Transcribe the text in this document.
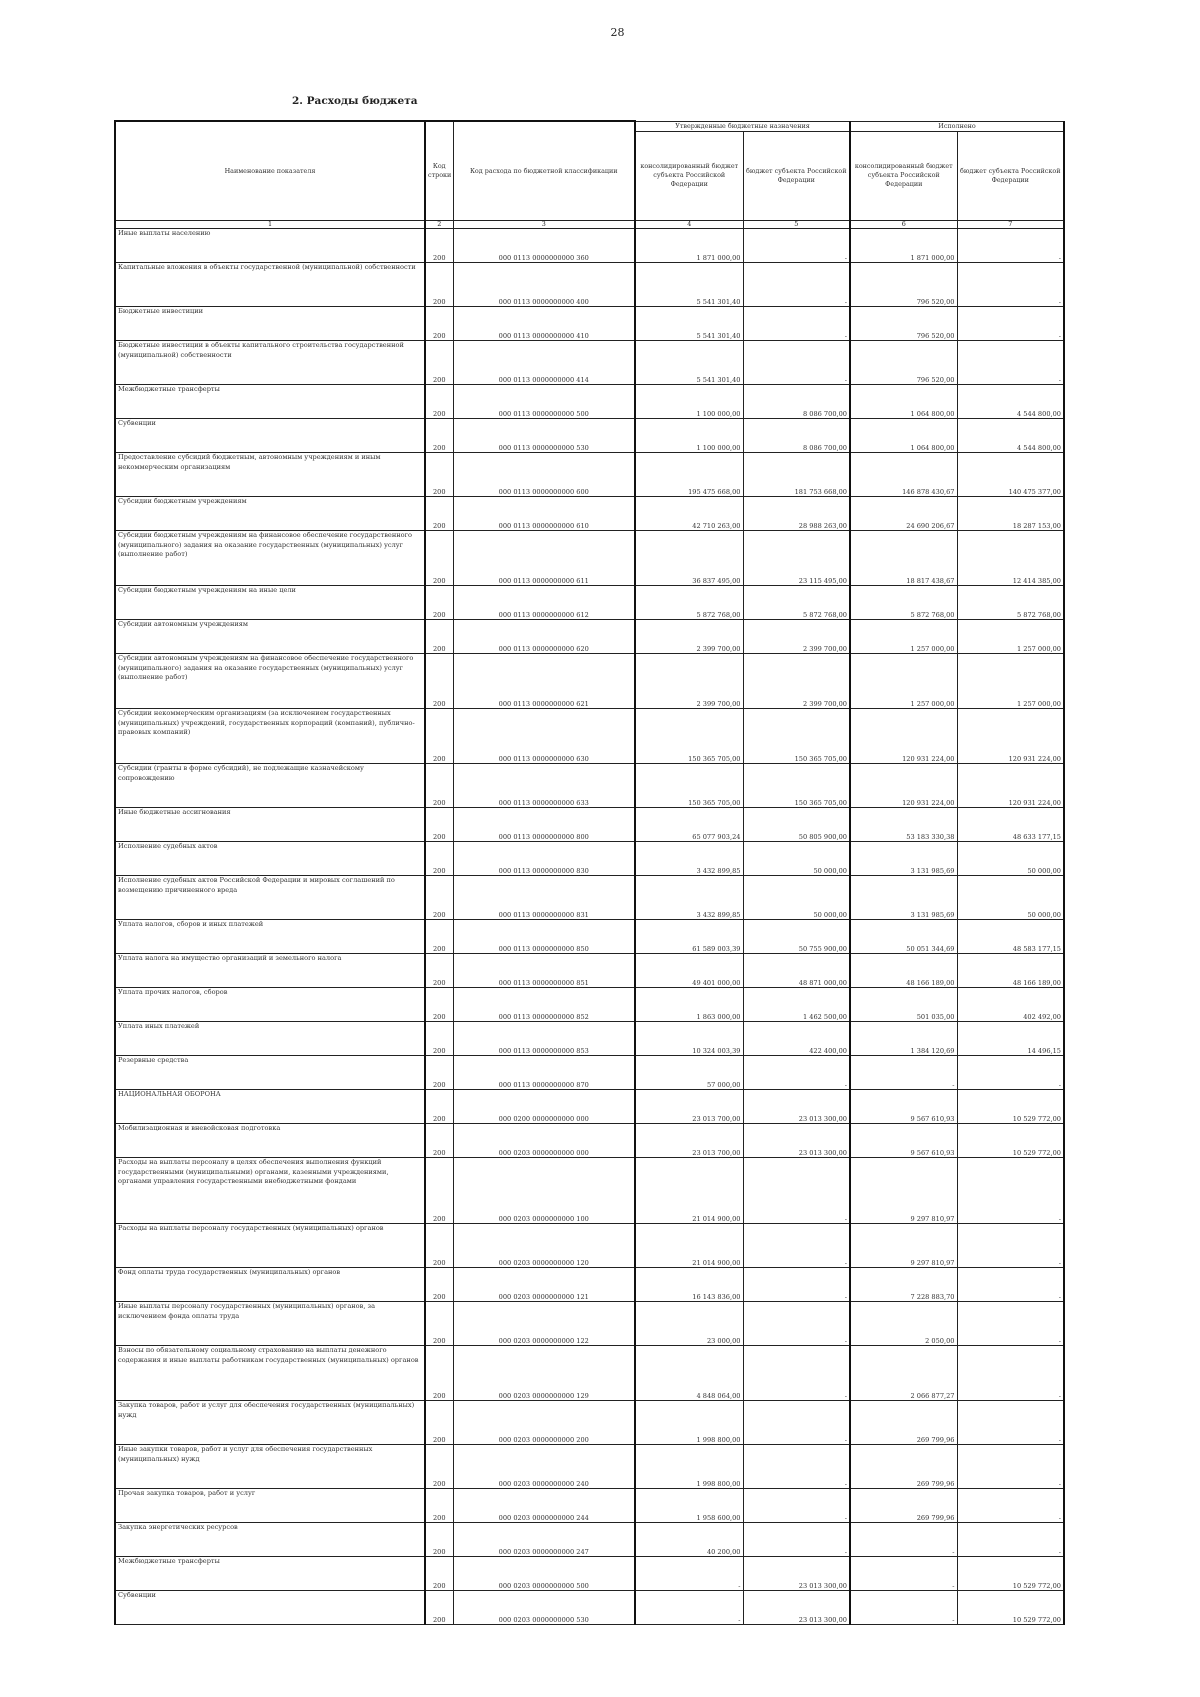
28
2. Расходы бюджета
Наименование показателя	Код строки	Код расхода по бюджетной классификации	Утвержденные бюджетные назначения		Исполнено	
			консолидированный бюджет субъекта Российской Федерации	бюджет субъекта Российской Федерации	консолидированный бюджет субъекта Российской Федерации	бюджет субъекта Российской Федерации
1	2	3	4	5	6	7
Иные выплаты населению	200	000 0113 0000000000 360	1 871 000,00	-	1 871 000,00	-
Капитальные вложения в объекты государственной (муниципальной) собственности	200	000 0113 0000000000 400	5 541 301,40	-	796 520,00	-
Бюджетные инвестиции	200	000 0113 0000000000 410	5 541 301,40	-	796 520,00	-
Бюджетные инвестиции в объекты капитального строительства государственной (муниципальной) собственности	200	000 0113 0000000000 414	5 541 301,40	-	796 520,00	-
Межбюджетные трансферты	200	000 0113 0000000000 500	1 100 000,00	8 086 700,00	1 064 800,00	4 544 800,00
Субвенции	200	000 0113 0000000000 530	1 100 000,00	8 086 700,00	1 064 800,00	4 544 800,00
Предоставление субсидий бюджетным, автономным учреждениям и иным некоммерческим организациям	200	000 0113 0000000000 600	195 475 668,00	181 753 668,00	146 878 430,67	140 475 377,00
Субсидии бюджетным учреждениям	200	000 0113 0000000000 610	42 710 263,00	28 988 263,00	24 690 206,67	18 287 153,00
Субсидии бюджетным учреждениям на финансовое обеспечение государственного (муниципального) задания на оказание государственных (муниципальных) услуг (выполнение работ)	200	000 0113 0000000000 611	36 837 495,00	23 115 495,00	18 817 438,67	12 414 385,00
Субсидии бюджетным учреждениям на иные цели	200	000 0113 0000000000 612	5 872 768,00	5 872 768,00	5 872 768,00	5 872 768,00
Субсидии автономным учреждениям	200	000 0113 0000000000 620	2 399 700,00	2 399 700,00	1 257 000,00	1 257 000,00
Субсидии автономным учреждениям на финансовое обеспечение государственного (муниципального) задания на оказание государственных (муниципальных) услуг (выполнение работ)	200	000 0113 0000000000 621	2 399 700,00	2 399 700,00	1 257 000,00	1 257 000,00
Субсидии некоммерческим организациям (за исключением государственных (муниципальных) учреждений, государственных корпораций (компаний), публично-правовых компаний)	200	000 0113 0000000000 630	150 365 705,00	150 365 705,00	120 931 224,00	120 931 224,00
Субсидии (гранты в форме субсидий), не подлежащие казначейскому сопровождению	200	000 0113 0000000000 633	150 365 705,00	150 365 705,00	120 931 224,00	120 931 224,00
Иные бюджетные ассигнования	200	000 0113 0000000000 800	65 077 903,24	50 805 900,00	53 183 330,38	48 633 177,15
Исполнение судебных актов	200	000 0113 0000000000 830	3 432 899,85	50 000,00	3 131 985,69	50 000,00
Исполнение судебных актов Российской Федерации и мировых соглашений по возмещению причиненного вреда	200	000 0113 0000000000 831	3 432 899,85	50 000,00	3 131 985,69	50 000,00
Уплата налогов, сборов и иных платежей	200	000 0113 0000000000 850	61 589 003,39	50 755 900,00	50 051 344,69	48 583 177,15
Уплата налога на имущество организаций и земельного налога	200	000 0113 0000000000 851	49 401 000,00	48 871 000,00	48 166 189,00	48 166 189,00
Уплата прочих налогов, сборов	200	000 0113 0000000000 852	1 863 000,00	1 462 500,00	501 035,00	402 492,00
Уплата иных платежей	200	000 0113 0000000000 853	10 324 003,39	422 400,00	1 384 120,69	14 496,15
Резервные средства	200	000 0113 0000000000 870	57 000,00	-	-	-
НАЦИОНАЛЬНАЯ ОБОРОНА	200	000 0200 0000000000 000	23 013 700,00	23 013 300,00	9 567 610,93	10 529 772,00
Мобилизационная и вневойсковая подготовка	200	000 0203 0000000000 000	23 013 700,00	23 013 300,00	9 567 610,93	10 529 772,00
Расходы на выплаты персоналу в целях обеспечения выполнения функций государственными (муниципальными) органами, казенными учреждениями, органами управления государственными внебюджетными фондами	200	000 0203 0000000000 100	21 014 900,00	-	9 297 810,97	-
Расходы на выплаты персоналу государственных (муниципальных) органов	200	000 0203 0000000000 120	21 014 900,00	-	9 297 810,97	-
Фонд оплаты труда государственных (муниципальных) органов	200	000 0203 0000000000 121	16 143 836,00	-	7 228 883,70	-
Иные выплаты персоналу государственных (муниципальных) органов, за исключением фонда оплаты труда	200	000 0203 0000000000 122	23 000,00	-	2 050,00	-
Взносы по обязательному социальному страхованию на выплаты денежного содержания и иные выплаты работникам государственных (муниципальных) органов	200	000 0203 0000000000 129	4 848 064,00	-	2 066 877,27	-
Закупка товаров, работ и услуг для обеспечения государственных (муниципальных) нужд	200	000 0203 0000000000 200	1 998 800,00	-	269 799,96	-
Иные закупки товаров, работ и услуг для обеспечения государственных (муниципальных) нужд	200	000 0203 0000000000 240	1 998 800,00	-	269 799,96	-
Прочая закупка товаров, работ и услуг	200	000 0203 0000000000 244	1 958 600,00	-	269 799,96	-
Закупка энергетических ресурсов	200	000 0203 0000000000 247	40 200,00	-	-	-
Межбюджетные трансферты	200	000 0203 0000000000 500	-	23 013 300,00	-	10 529 772,00
Субвенции	200	000 0203 0000000000 530	-	23 013 300,00	-	10 529 772,00
